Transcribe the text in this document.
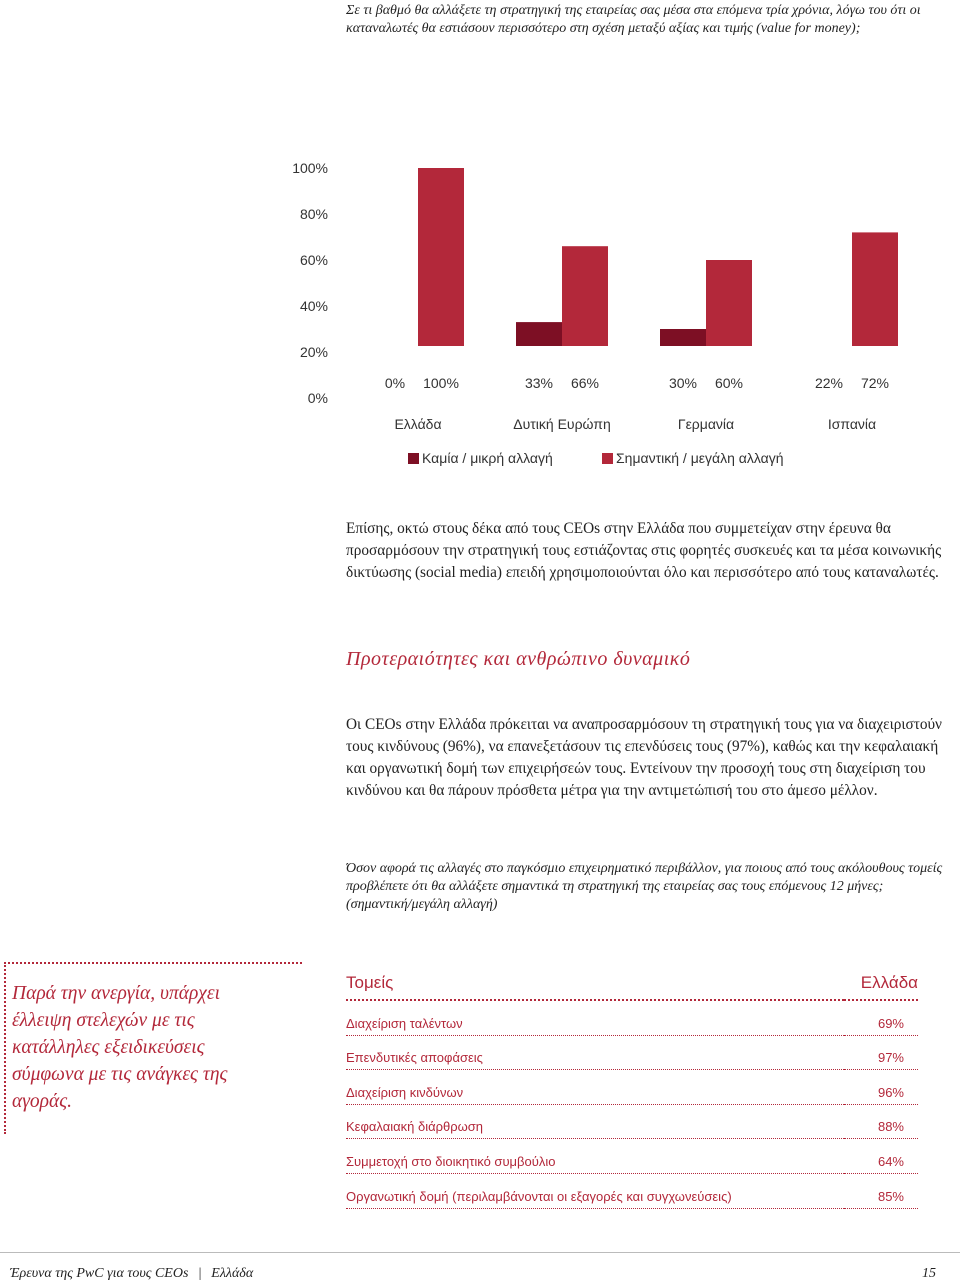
Σε τι βαθμό θα αλλάξετε τη στρατηγική της εταιρείας σας μέσα στα επόμενα τρία χρόνια, λόγω του ότι οι καταναλωτές θα εστιάσουν περισσότερο στη σχέση μεταξύ αξίας και τιμής (value for money);
100%
80%
60%
40%
20%
0%
0% 100%
Ελλάδα
33% 66%
Δυτική Ευρώπη
30% 60%
Γερμανία
22% 72%
Ισπανία
Καμία / μικρή αλλαγή	Σημαντική / μεγάλη αλλαγή
Επίσης, οκτώ στους δέκα από τους CEOs στην Ελλάδα που συμμετείχαν στην έρευνα θα προσαρμόσουν την στρατηγική τους εστιάζοντας στις φορητές συσκευές και τα μέσα κοινωνικής δικτύωσης (social media) επειδή χρησιμοποιούνται όλο και περισσότερο από τους καταναλωτές.
Προτεραιότητες και ανθρώπινο δυναμικό
Οι CEOs στην Ελλάδα πρόκειται να αναπροσαρμόσουν τη στρατηγική τους για να διαχειριστούν τους κινδύνους (96%), να επανεξετάσουν τις επενδύσεις τους (97%), καθώς και την κεφαλαιακή και οργανωτική δομή των επιχειρήσεών τους. Εντείνουν την προσοχή τους στη διαχείριση του κινδύνου και θα πάρουν πρόσθετα μέτρα για την αντιμετώπισή του στο άμεσο μέλλον.
Όσον αφορά τις αλλαγές στο παγκόσμιο επιχειρηματικό περιβάλλον, για ποιους από τους ακόλουθους τομείς προβλέπετε ότι θα αλλάξετε σημαντικά τη στρατηγική της εταιρείας σας τους επόμενους 12 μήνες; (σημαντική/μεγάλη αλλαγή)
Παρά την ανεργία, υπάρχει έλλειψη στελεχών με τις κατάλληλες εξειδικεύσεις σύμφωνα με τις ανάγκες της αγοράς.
Τομείς	Ελλάδα
Διαχείριση ταλέντων	69%
Επενδυτικές αποφάσεις	97%
Διαχείριση κινδύνων	96%
Κεφαλαιακή διάρθρωση	88%
Συμμετοχή στο διοικητικό συμβούλιο	64%
Οργανωτική δομή (περιλαμβάνονται οι εξαγορές και συγχωνεύσεις)	85%
Έρευνα της PwC για τους CEOs | Ελλάδα	15
